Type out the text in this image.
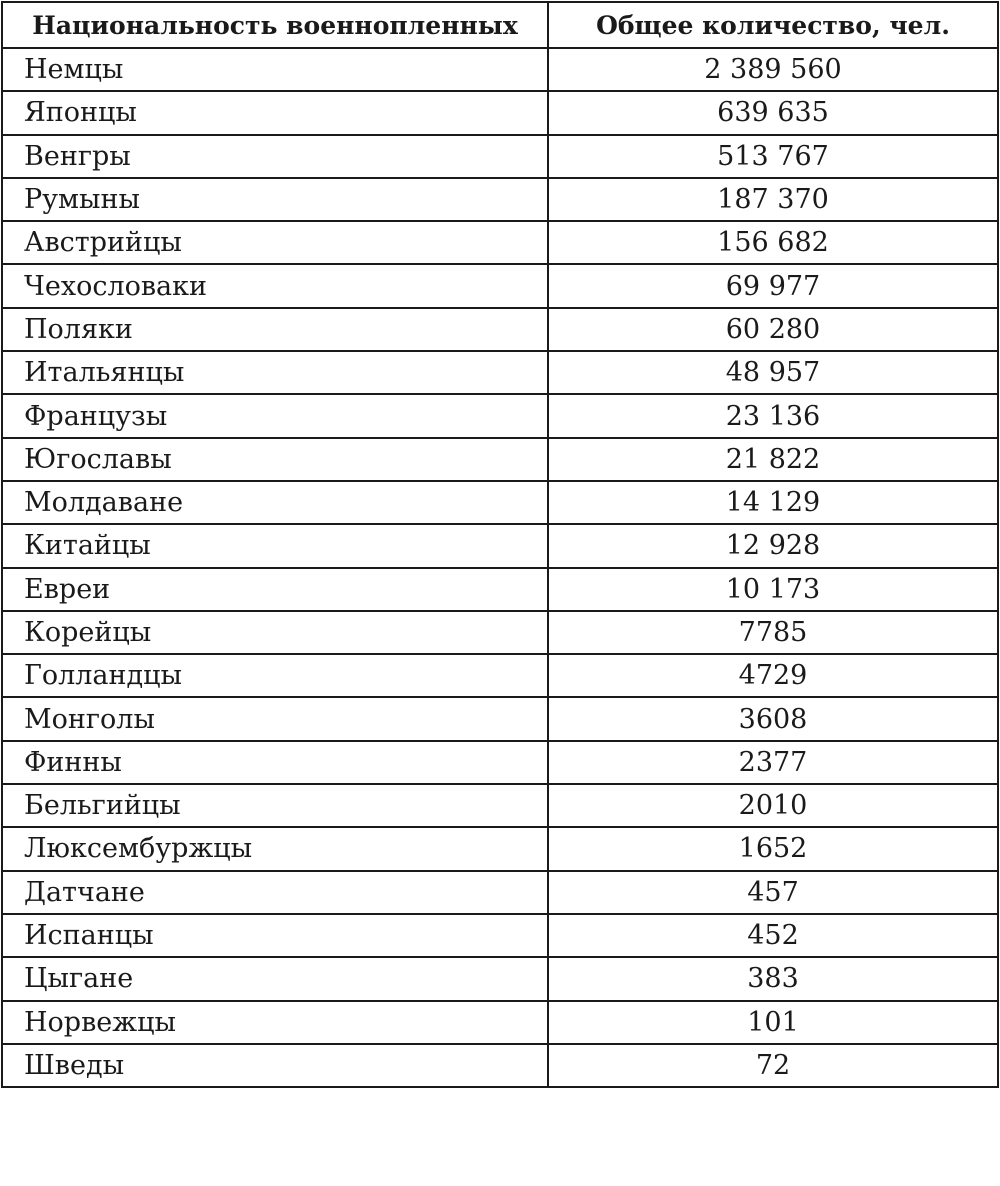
Национальность военнопленных	Общее количество, чел.
Немцы	2 389 560
Японцы	639 635
Венгры	513 767
Румыны	187 370
Австрийцы	156 682
Чехословаки	69 977
Поляки	60 280
Итальянцы	48 957
Французы	23 136
Югославы	21 822
Молдаване	14 129
Китайцы	12 928
Евреи	10 173
Корейцы	7785
Голландцы	4729
Монголы	3608
Финны	2377
Бельгийцы	2010
Люксембуржцы	1652
Датчане	457
Испанцы	452
Цыгане	383
Норвежцы	101
Шведы	72
